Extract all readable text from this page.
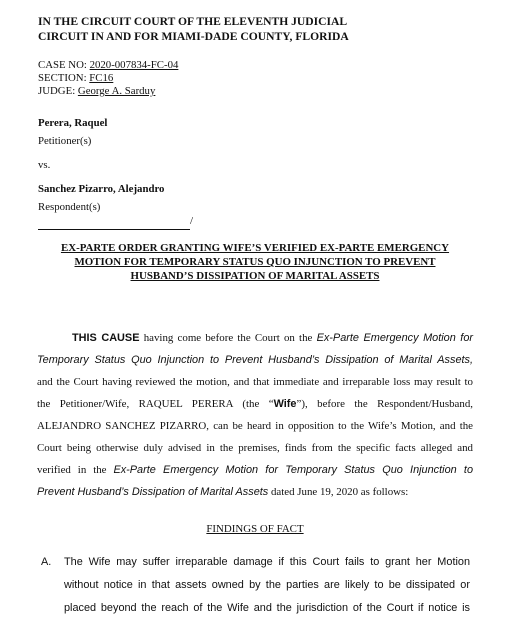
IN THE CIRCUIT COURT OF THE ELEVENTH JUDICIAL
CIRCUIT IN AND FOR MIAMI-DADE COUNTY, FLORIDA
CASE NO: 2020-007834-FC-04
SECTION: FC16
JUDGE: George A. Sarduy
Perera, Raquel
Petitioner(s)
vs.
Sanchez Pizarro, Alejandro
Respondent(s)
/
EX-PARTE ORDER GRANTING WIFE’S VERIFIED EX-PARTE EMERGENCY
MOTION FOR TEMPORARY STATUS QUO INJUNCTION TO PREVENT
HUSBAND’S DISSIPATION OF MARITAL ASSETS
THIS CAUSE having come before the Court on the Ex-Parte Emergency Motion for
Temporary Status Quo Injunction to Prevent Husband’s Dissipation of Marital Assets,
and the Court having reviewed the motion, and that immediate and irreparable loss may result to
the Petitioner/Wife, RAQUEL PERERA (the “Wife”), before the Respondent/Husband,
ALEJANDRO SANCHEZ PIZARRO, can be heard in opposition to the Wife’s Motion, and the
Court being otherwise duly advised in the premises, finds from the specific facts alleged and
verified in the Ex-Parte Emergency Motion for Temporary Status Quo Injunction to
Prevent Husband’s Dissipation of Marital Assets dated June 19, 2020 as follows:
FINDINGS OF FACT
A. The Wife may suffer irreparable damage if this Court fails to grant her Motion
without notice in that assets owned by the parties are likely to be dissipated or
placed beyond the reach of the Wife and the jurisdiction of the Court if notice is
